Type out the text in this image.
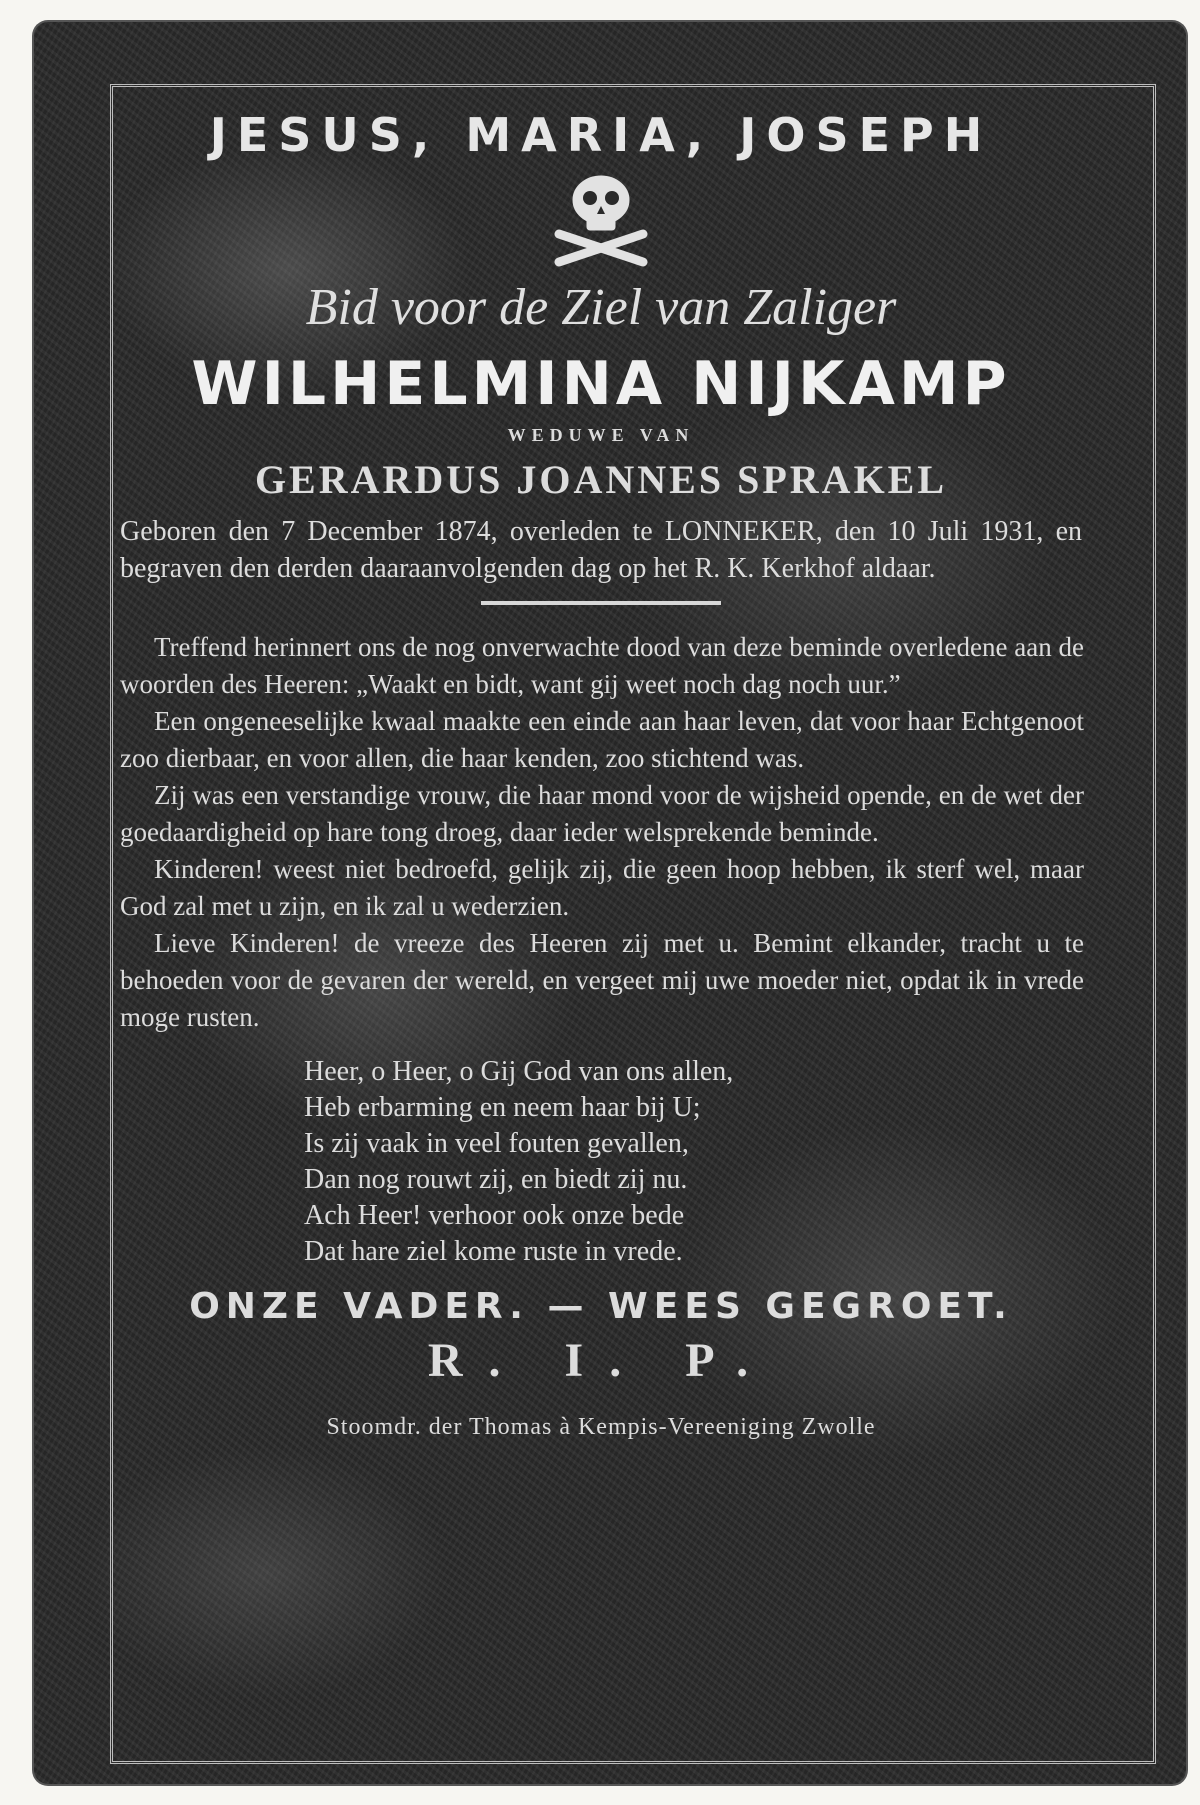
JESUS, MARIA, JOSEPH
Bid voor de Ziel van Zaliger
WILHELMINA NIJKAMP
WEDUWE VAN
GERARDUS JOANNES SPRAKEL
Geboren den 7 December 1874, overleden te LONNEKER, den 10 Juli 1931, en begraven den derden daaraanvolgenden dag op het R. K. Kerkhof aldaar.
Treffend herinnert ons de nog onverwachte dood van deze beminde overledene aan de woorden des Heeren: „Waakt en bidt, want gij weet noch dag noch uur.”
Een ongeneeselijke kwaal maakte een einde aan haar leven, dat voor haar Echtgenoot zoo dierbaar, en voor allen, die haar kenden, zoo stichtend was.
Zij was een verstandige vrouw, die haar mond voor de wijsheid opende, en de wet der goedaardigheid op hare tong droeg, daar ieder welsprekende beminde.
Kinderen! weest niet bedroefd, gelijk zij, die geen hoop hebben, ik sterf wel, maar God zal met u zijn, en ik zal u wederzien.
Lieve Kinderen! de vreeze des Heeren zij met u. Bemint elkander, tracht u te behoeden voor de gevaren der wereld, en vergeet mij uwe moeder niet, opdat ik in vrede moge rusten.
Heer, o Heer, o Gij God van ons allen,
Heb erbarming en neem haar bij U;
Is zij vaak in veel fouten gevallen,
Dan nog rouwt zij, en biedt zij nu.
Ach Heer! verhoor ook onze bede
Dat hare ziel kome ruste in vrede.
ONZE VADER. — WEES GEGROET.
R. I. P.
Stoomdr. der Thomas à Kempis-Vereeniging Zwolle
